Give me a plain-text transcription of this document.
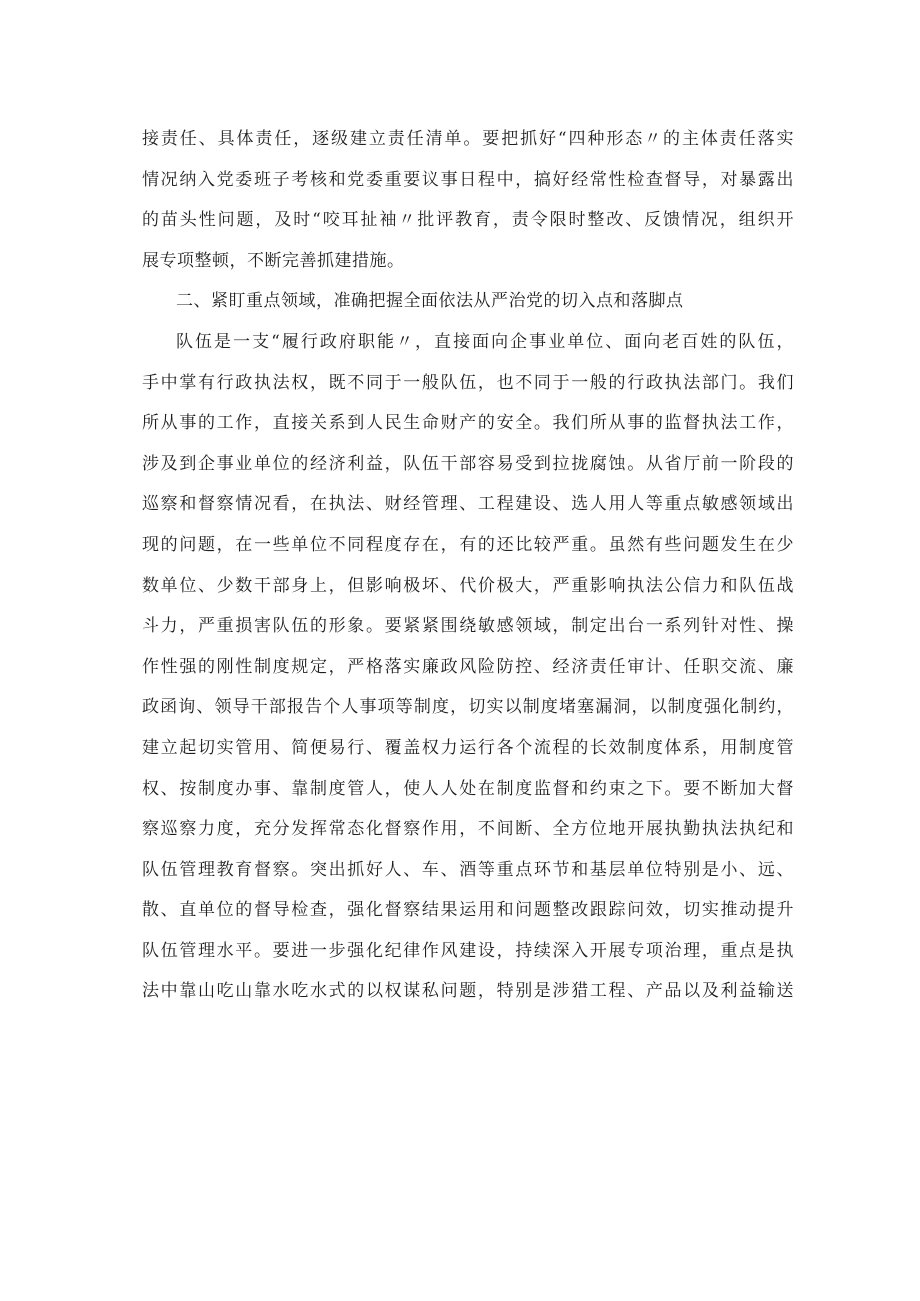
接责任、具体责任，逐级建立责任清单。要把抓好“四种形态〃的主体责任落实
情况纳入党委班子考核和党委重要议事日程中，搞好经常性检查督导，对暴露出
的苗头性问题，及时“咬耳扯袖〃批评教育，责令限时整改、反馈情况，组织开
展专项整顿，不断完善抓建措施。
二、紧盯重点领域，准确把握全面依法从严治党的切入点和落脚点
队伍是一支“履行政府职能〃，直接面向企事业单位、面向老百姓的队伍，
手中掌有行政执法权，既不同于一般队伍，也不同于一般的行政执法部门。我们
所从事的工作，直接关系到人民生命财产的安全。我们所从事的监督执法工作，
涉及到企事业单位的经济利益，队伍干部容易受到拉拢腐蚀。从省厅前一阶段的
巡察和督察情况看，在执法、财经管理、工程建设、选人用人等重点敏感领域出
现的问题，在一些单位不同程度存在，有的还比较严重。虽然有些问题发生在少
数单位、少数干部身上，但影响极坏、代价极大，严重影响执法公信力和队伍战
斗力，严重损害队伍的形象。要紧紧围绕敏感领域，制定出台一系列针对性、操
作性强的刚性制度规定，严格落实廉政风险防控、经济责任审计、任职交流、廉
政函询、领导干部报告个人事项等制度，切实以制度堵塞漏洞，以制度强化制约，
建立起切实管用、简便易行、覆盖权力运行各个流程的长效制度体系，用制度管
权、按制度办事、靠制度管人，使人人处在制度监督和约束之下。要不断加大督
察巡察力度，充分发挥常态化督察作用，不间断、全方位地开展执勤执法执纪和
队伍管理教育督察。突出抓好人、车、酒等重点环节和基层单位特别是小、远、
散、直单位的督导检查，强化督察结果运用和问题整改跟踪问效，切实推动提升
队伍管理水平。要进一步强化纪律作风建设，持续深入开展专项治理，重点是执
法中靠山吃山靠水吃水式的以权谋私问题，特别是涉猎工程、产品以及利益输送
